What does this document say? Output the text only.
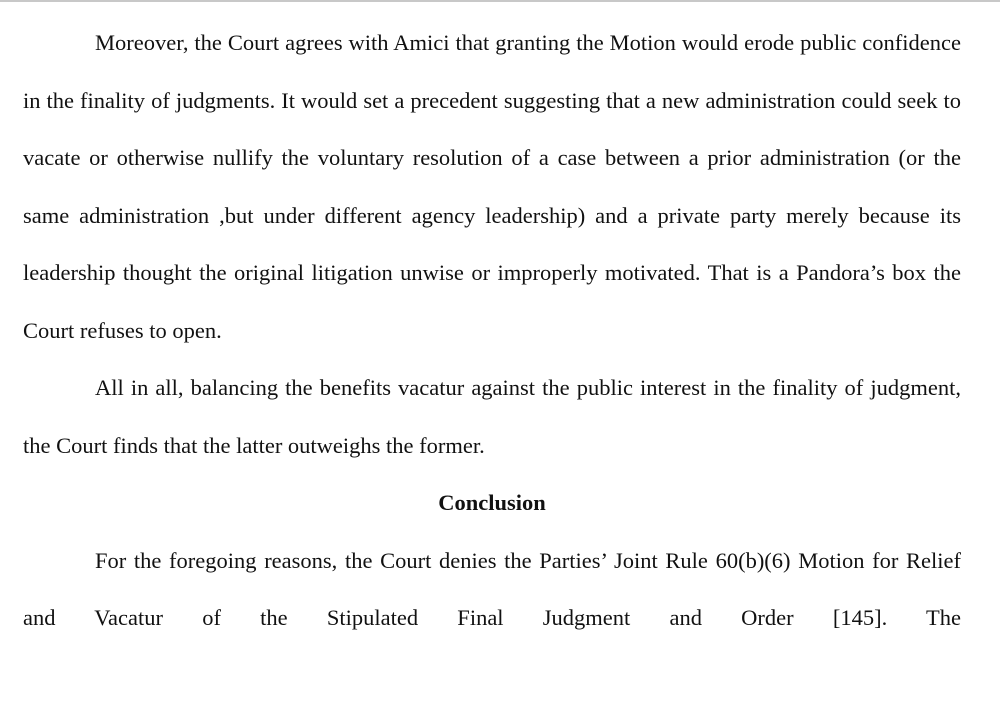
Moreover, the Court agrees with Amici that granting the Motion would erode public confidence in the finality of judgments. It would set a precedent suggesting that a new administration could seek to vacate or otherwise nullify the voluntary resolution of a case between a prior administration (or the same administration ,but under different agency leadership) and a private party merely because its leadership thought the original litigation unwise or improperly motivated. That is a Pandora’s box the Court refuses to open.

All in all, balancing the benefits vacatur against the public interest in the finality of judgment, the Court finds that the latter outweighs the former.

Conclusion

For the foregoing reasons, the Court denies the Parties’ Joint Rule 60(b)(6) Motion for Relief and Vacatur of the Stipulated Final Judgment and Order [145]. The
